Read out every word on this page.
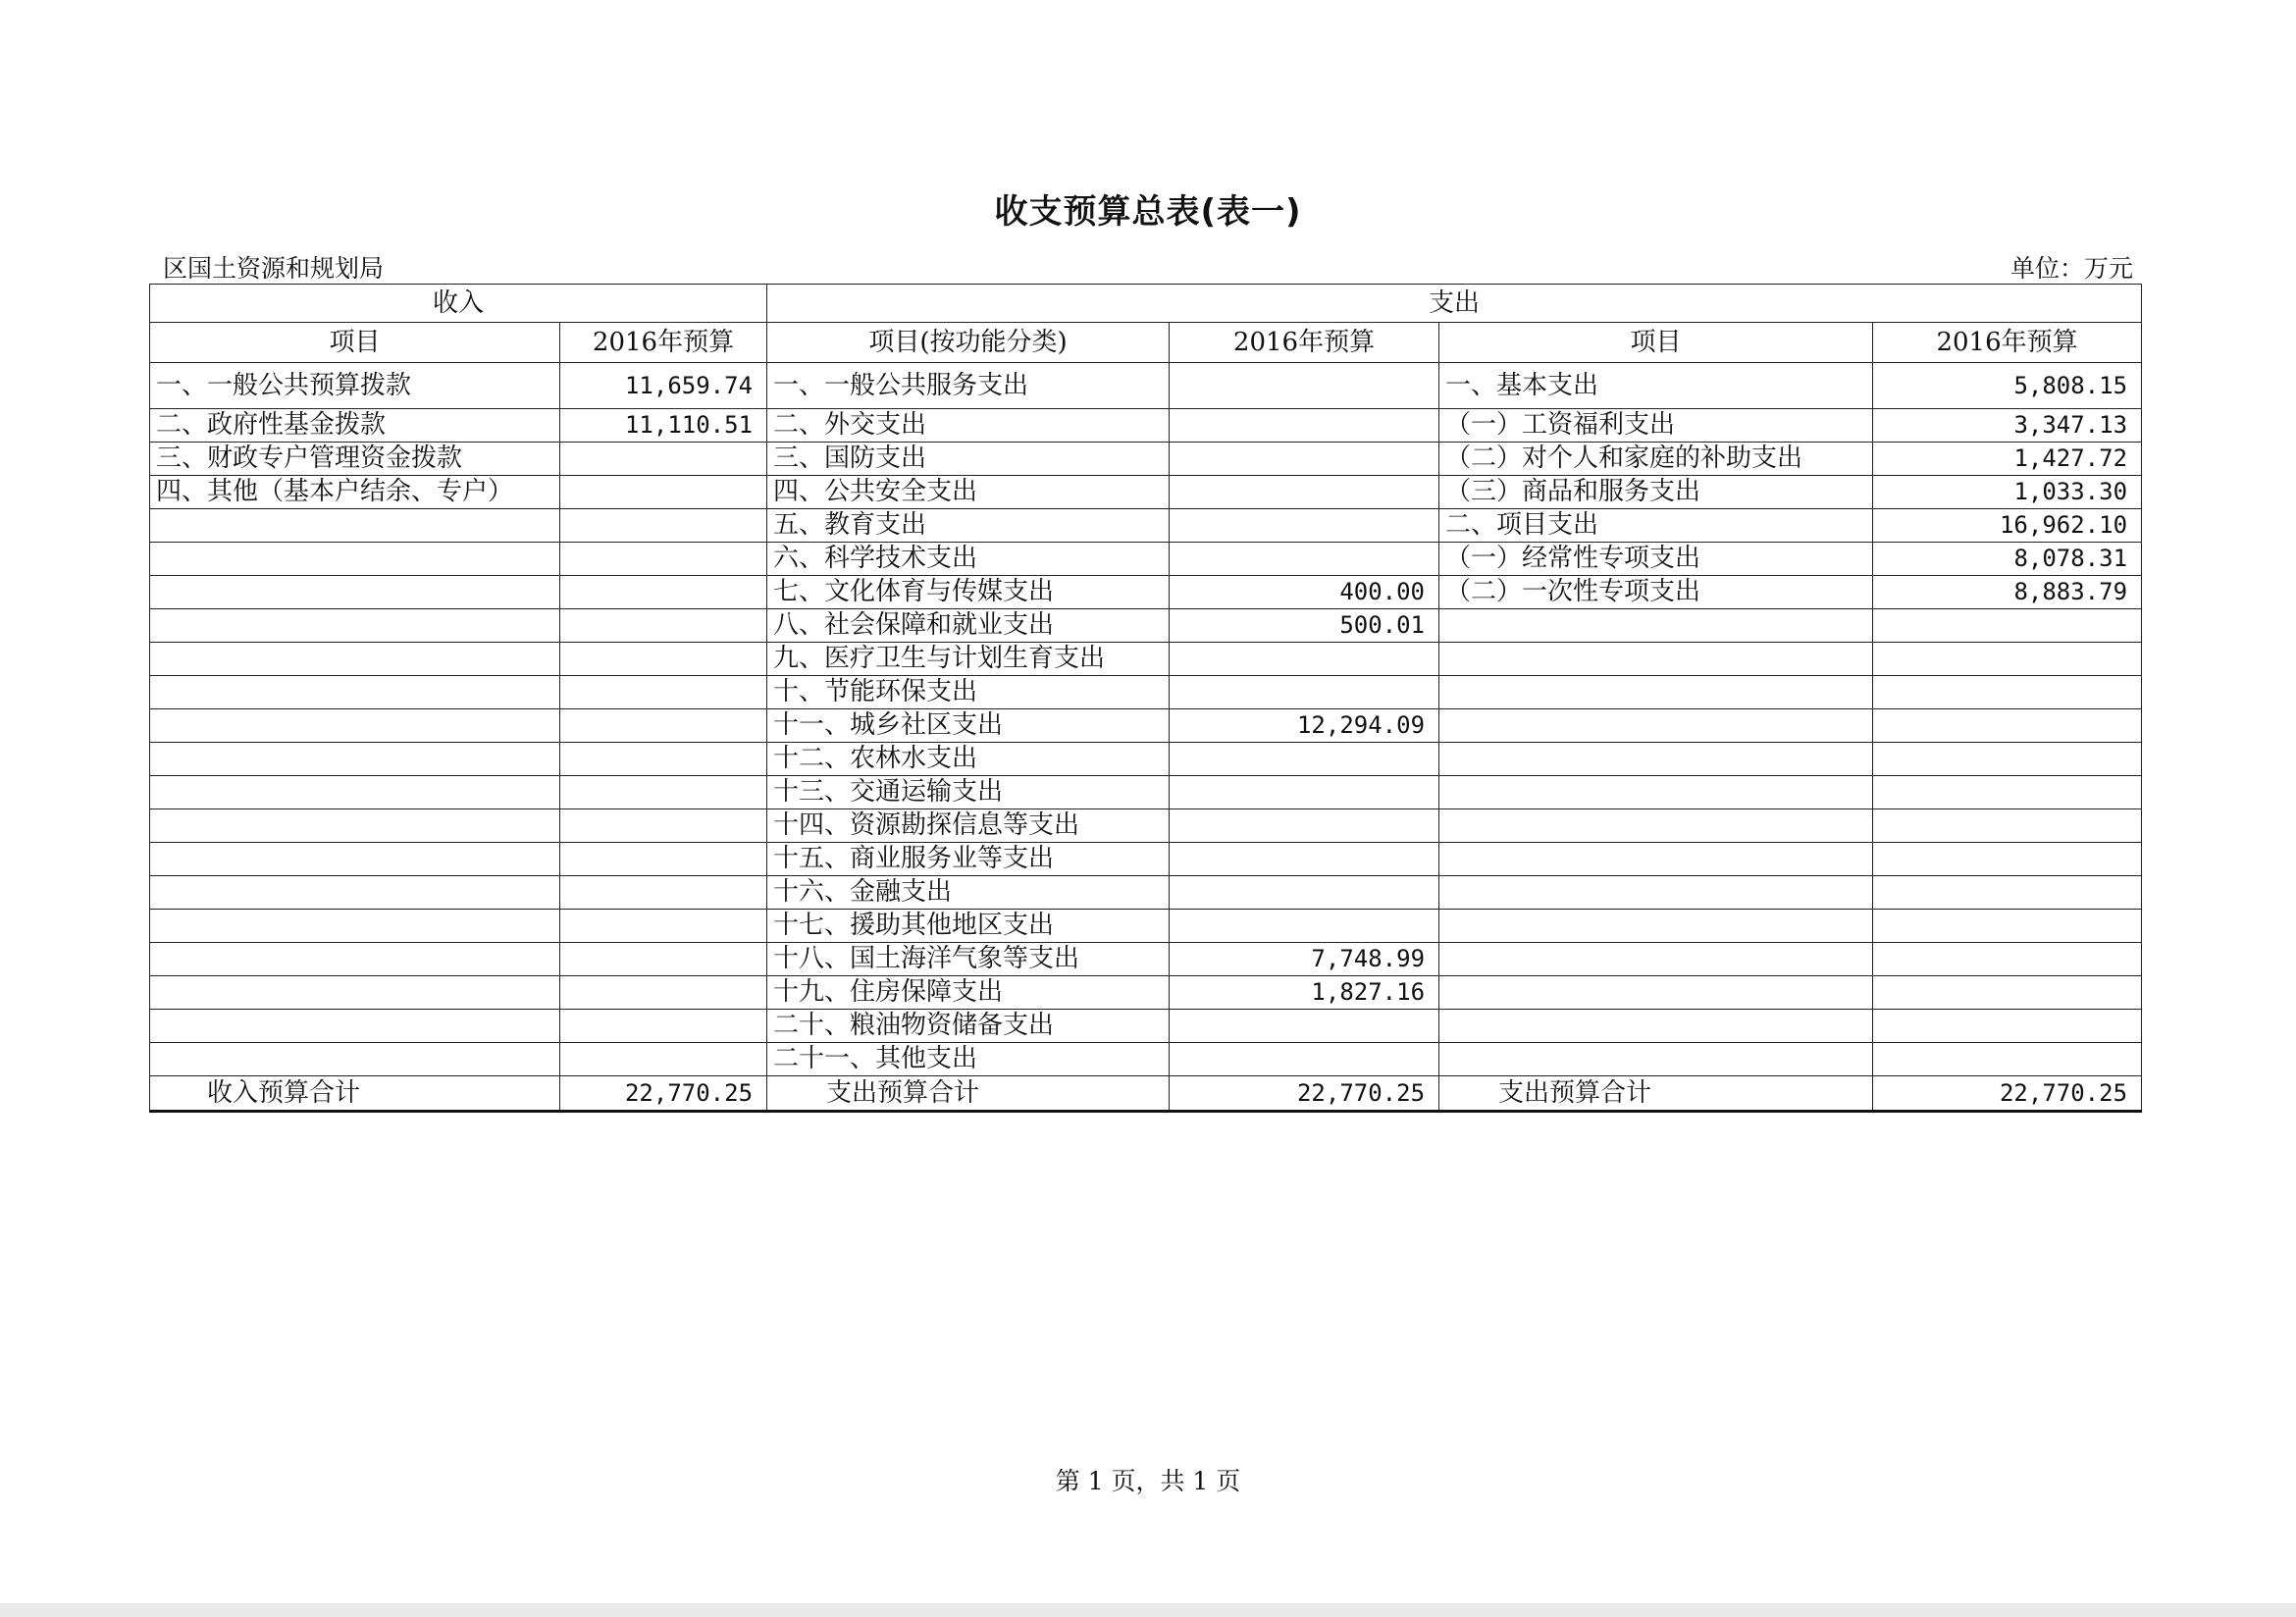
收支预算总表(表一)
区国土资源和规划局	单位：万元
收入		支出			
项目	2016年预算	项目(按功能分类)	2016年预算	项目	2016年预算
一、一般公共预算拨款	11,659.74	一、一般公共服务支出		一、基本支出	5,808.15
二、政府性基金拨款	11,110.51	二、外交支出		（一）工资福利支出	3,347.13
三、财政专户管理资金拨款		三、国防支出		（二）对个人和家庭的补助支出	1,427.72
四、其他（基本户结余、专户）		四、公共安全支出		（三）商品和服务支出	1,033.30
		五、教育支出		二、项目支出	16,962.10
		六、科学技术支出		（一）经常性专项支出	8,078.31
		七、文化体育与传媒支出	400.00	（二）一次性专项支出	8,883.79
		八、社会保障和就业支出	500.01		
		九、医疗卫生与计划生育支出			
		十、节能环保支出			
		十一、城乡社区支出	12,294.09		
		十二、农林水支出			
		十三、交通运输支出			
		十四、资源勘探信息等支出			
		十五、商业服务业等支出			
		十六、金融支出			
		十七、援助其他地区支出			
		十八、国土海洋气象等支出	7,748.99		
		十九、住房保障支出	1,827.16		
		二十、粮油物资储备支出			
		二十一、其他支出			
收入预算合计	22,770.25	支出预算合计	22,770.25	支出预算合计	22,770.25
第 1 页，共 1 页
